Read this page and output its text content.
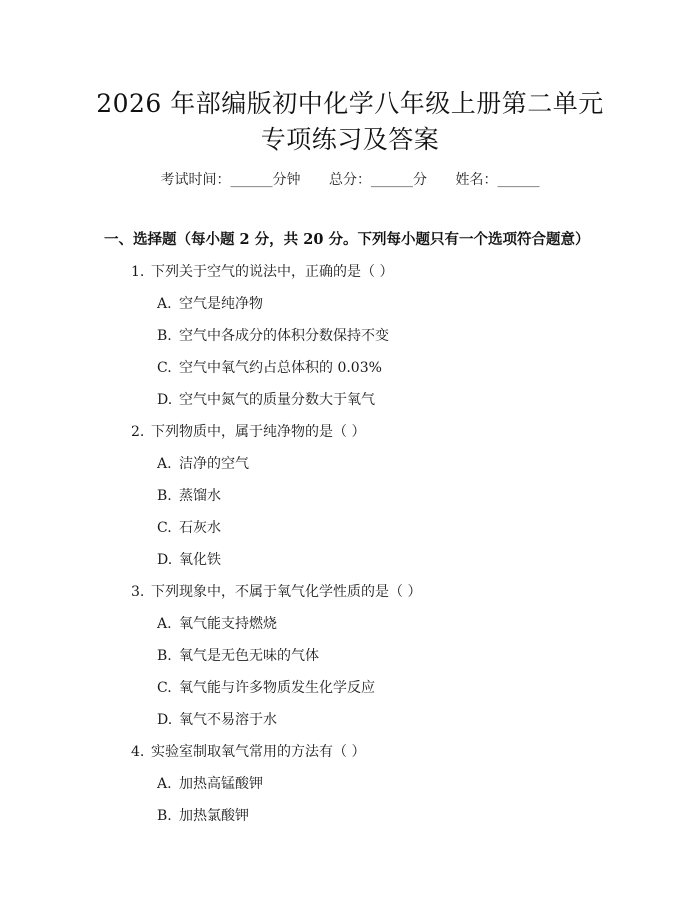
2026 年部编版初中化学八年级上册第二单元
专项练习及答案
考试时间：______分钟 总分：______分 姓名：______
一、选择题（每小题 2 分，共 20 分。下列每小题只有一个选项符合题意）
1. 下列关于空气的说法中，正确的是（ ）
A. 空气是纯净物
B. 空气中各成分的体积分数保持不变
C. 空气中氧气约占总体积的 0.03%
D. 空气中氮气的质量分数大于氧气
2. 下列物质中，属于纯净物的是（ ）
A. 洁净的空气
B. 蒸馏水
C. 石灰水
D. 氧化铁
3. 下列现象中，不属于氧气化学性质的是（ ）
A. 氧气能支持燃烧
B. 氧气是无色无味的气体
C. 氧气能与许多物质发生化学反应
D. 氧气不易溶于水
4. 实验室制取氧气常用的方法有（ ）
A. 加热高锰酸钾
B. 加热氯酸钾
